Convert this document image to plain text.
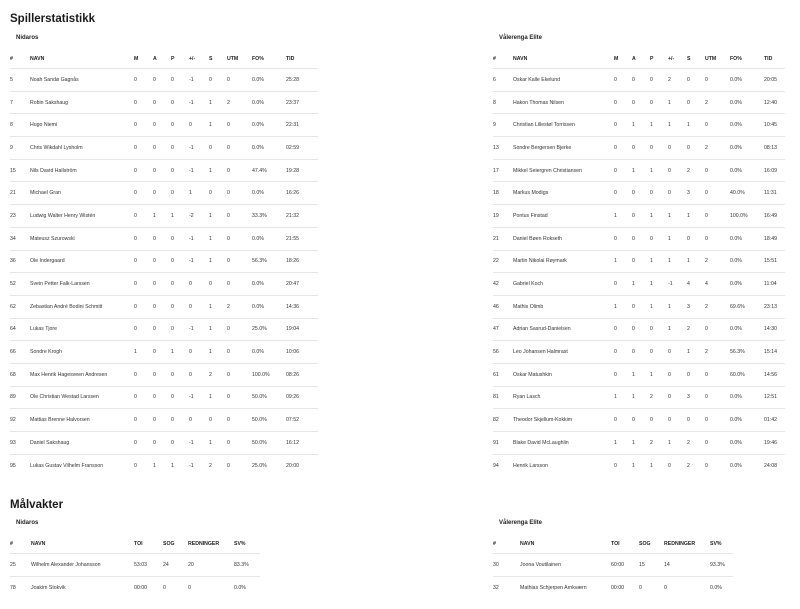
Spillerstatistikk
Nidaros
#	NAVN	M	A	P	+/-	S	UTM	FO%	TID
5	Noah Sandø Gagnås	0	0	0	-1	0	0	0.0%	25:28
7	Robin Sakshaug	0	0	0	-1	1	2	0.0%	23:37
8	Hugo Niemi	0	0	0	0	1	0	0.0%	22:31
9	Chris Wikdahl Lysholm	0	0	0	-1	0	0	0.0%	02:59
15	Nils David Hallström	0	0	0	-1	1	0	47.4%	19:28
21	Michael Gran	0	0	0	1	0	0	0.0%	16:26
23	Ludwig Walter Henry Wistén	0	1	1	-2	1	0	33.3%	21:32
34	Mateusz Szurowski	0	0	0	-1	1	0	0.0%	21:55
36	Ole Indergaard	0	0	0	-1	1	0	56.3%	18:26
52	Svein Petter Falk-Larssen	0	0	0	0	0	0	0.0%	20:47
62	Zebastian André Bodini Schmitt	0	0	0	0	1	2	0.0%	14:36
64	Lukas Tjore	0	0	0	-1	1	0	25.0%	19:04
66	Sondre Krogh	1	0	1	0	1	0	0.0%	10:06
68	Max Henrik Hagesveen Andresen	0	0	0	0	2	0	100.0%	08:26
89	Ole Christian Westad Larssen	0	0	0	-1	1	0	50.0%	09:26
92	Mattias Brenne Halvorsen	0	0	0	0	0	0	50.0%	07:52
93	Daniel Sakshaug	0	0	0	-1	1	0	50.0%	16:12
95	Lukas Gustav Vilhelm Fransson	0	1	1	-1	2	0	25.0%	20:00
Vålerenga Elite
#	NAVN	M	A	P	+/-	S	UTM	FO%	TID
6	Oskar Kalle Ekelund	0	0	0	2	0	0	0.0%	20:05
8	Hakon Thomas Nilsen	0	0	0	1	0	2	0.0%	12:40
9	Christian Lillestøl Torrissen	0	1	1	1	1	0	0.0%	10:45
13	Sondre Bergersen Bjerke	0	0	0	0	0	2	0.0%	08:13
17	Mikkel Seiergren Christiansen	0	1	1	0	2	0	0.0%	16:09
18	Markus Modigs	0	0	0	0	3	0	40.0%	11:31
19	Pontus Finstad	1	0	1	1	1	0	100.0%	16:49
21	Daniel Bøen Rokseth	0	0	0	1	0	0	0.0%	18:49
22	Martin Nikolai Røymark	1	0	1	1	1	2	0.0%	15:51
42	Gabriel Koch	0	1	1	-1	4	4	0.0%	11:04
46	Mathis Olimb	1	0	1	1	3	2	69.6%	23:13
47	Adrian Sasrud-Danielsen	0	0	0	1	2	0	0.0%	14:30
56	Leo Johansen Halmrast	0	0	0	0	1	2	56.3%	15:14
61	Oskar Matushkin	0	1	1	0	0	0	60.0%	14:56
81	Ryan Lasch	1	1	2	0	3	0	0.0%	12:51
82	Theodor Skjellum-Kokkim	0	0	0	0	0	0	0.0%	01:42
91	Blake David McLaughlin	1	1	2	1	2	0	0.0%	19:46
94	Henrik Larsson	0	1	1	0	2	0	0.0%	24:08
Målvakter
Nidaros
#	NAVN	TOI	SOG	REDNINGER	SV%
25	Wilhelm Alexander Johansson	53:03	24	20	83.3%
78	Joakim Stokvik	00:00	0	0	0.0%
Vålerenga Elite
#	NAVN	TOI	SOG	REDNINGER	SV%
30	Joona Voutilainen	60:00	15	14	93.3%
32	Mathias Schjerpen Arnkværn	00:00	0	0	0.0%
